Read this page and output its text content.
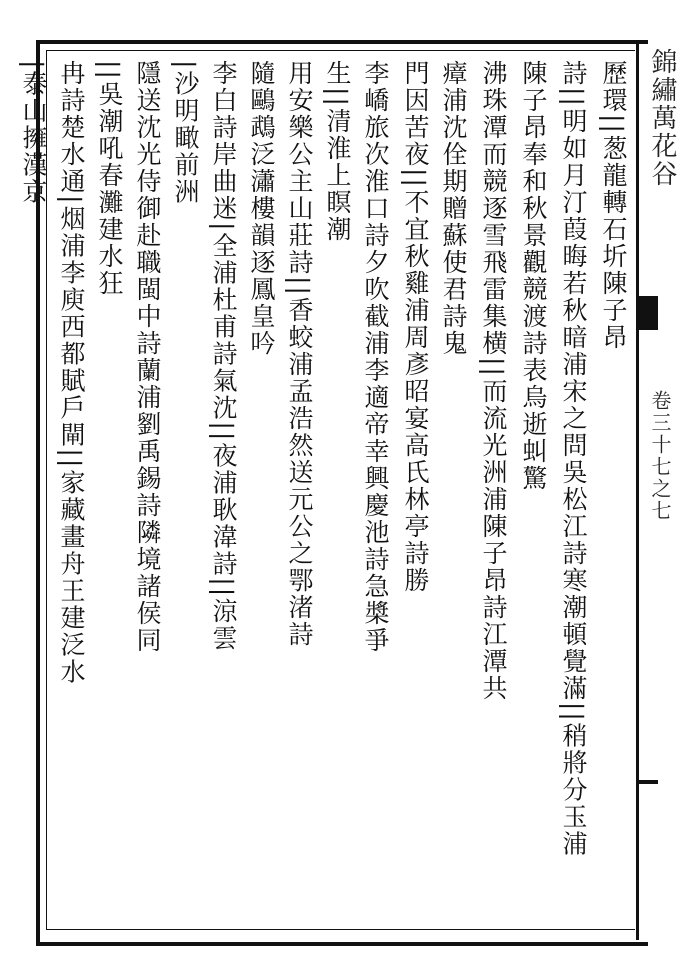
錦繡萬花谷
卷三十七之七
歷環||葱龍轉石圻陳子昂
詩||明如月汀葭晦若秋暗浦宋之問吳松江詩寒潮頓覺滿||稍將分玉浦
陳子昂奉和秋景觀競渡詩表烏逝虯驚
沸珠潭而競逐雪飛雷集横||而流光洲浦陳子昂詩江潭共
瘴浦沈佺期贈蘇使君詩鬼
門因苦夜||不宜秋雞浦周彥昭宴高氏林亭詩勝
李嶠旅次淮口詩夕吹截浦李適帝幸興慶池詩急槳爭
生||清淮上瞑潮
用安樂公主山莊詩||香蛟浦孟浩然送元公之鄂渚詩
隨鷗鵡泛瀟樓韻逐鳳皇吟
李白詩岸曲迷|全浦杜甫詩氣沈||夜浦耿湋詩||涼雲
|沙明瞰前洲
隱送沈光侍御赴職閩中詩蘭浦劉禹錫詩隣境諸侯同
||吳潮吼春灘建水狂
冉詩楚水通|烟浦李庾西都賦戶閘||家藏畫舟王建泛水
|泰山擁漢京
